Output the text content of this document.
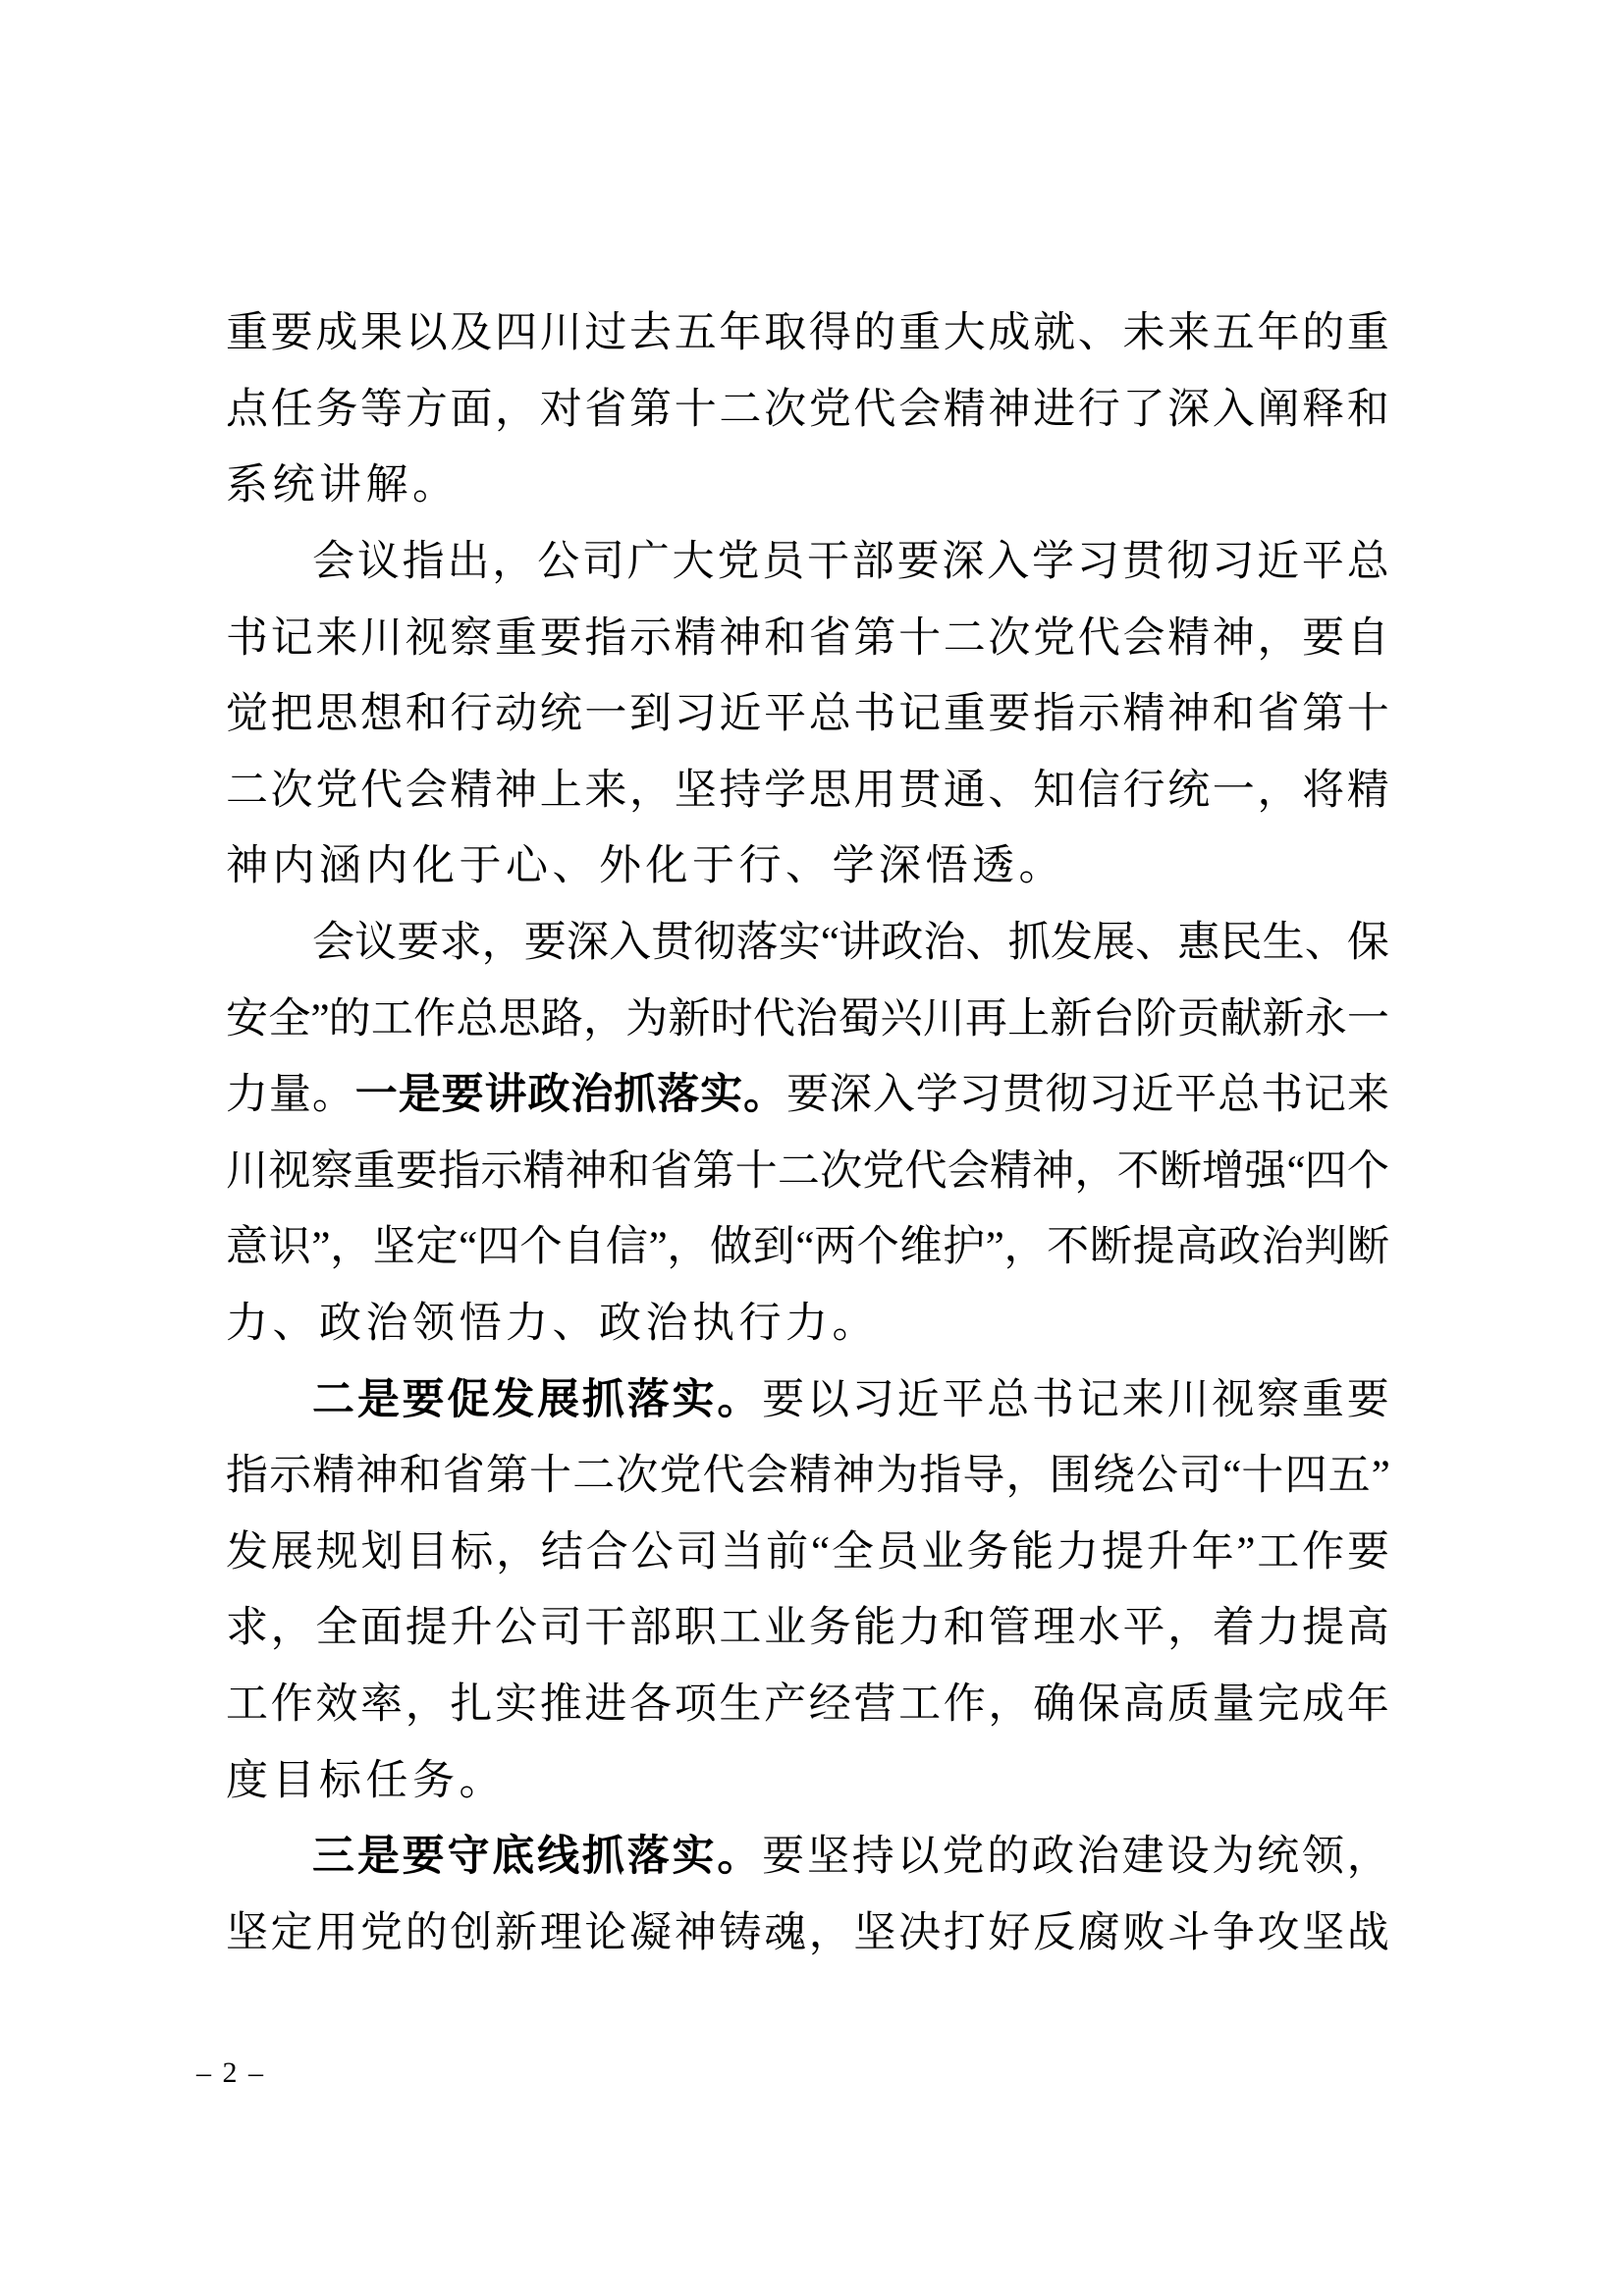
重 要 成 果 以 及 四 川 过 去 五 年 取 得 的 重 大 成 就 、 未 来 五 年 的 重
点 任 务 等 方 面 ， 对 省 第 十 二 次 党 代 会 精 神 进 行 了 深 入 阐 释 和
系统讲解。
会 议 指 出 ， 公 司 广 大 党 员 干 部 要 深 入 学 习 贯 彻 习 近 平 总
书 记 来 川 视 察 重 要 指 示 精 神 和 省 第 十 二 次 党 代 会 精 神 ， 要 自
觉 把 思 想 和 行 动 统 一 到 习 近 平 总 书 记 重 要 指 示 精 神 和 省 第 十
二 次 党 代 会 精 神 上 来 ， 坚 持 学 思 用 贯 通 、 知 信 行 统 一 ， 将 精
神内涵内化于心、外化于行、学深悟透。
会 议 要 求 ， 要 深 入 贯 彻 落 实 “ 讲 政 治 、 抓 发 展 、 惠 民 生 、 保
安 全 ” 的 工 作 总 思 路 ， 为 新 时 代 治 蜀 兴 川 再 上 新 台 阶 贡 献 新 永 一
力 量 。 一 是 要 讲 政 治 抓 落 实 。 要 深 入 学 习 贯 彻 习 近 平 总 书 记 来
川 视 察 重 要 指 示 精 神 和 省 第 十 二 次 党 代 会 精 神 ， 不 断 增 强 “ 四 个
意 识 ” ， 坚 定 “ 四 个 自 信 ” ， 做 到 “ 两 个 维 护 ” ， 不 断 提 高 政 治 判 断
力、政治领悟力、政治执行力。
二 是 要 促 发 展 抓 落 实 。 要 以 习 近 平 总 书 记 来 川 视 察 重 要
指 示 精 神 和 省 第 十 二 次 党 代 会 精 神 为 指 导 ， 围 绕 公 司 “ 十 四 五 ”
发 展 规 划 目 标 ， 结 合 公 司 当 前 “ 全 员 业 务 能 力 提 升 年 ” 工 作 要
求 ， 全 面 提 升 公 司 干 部 职 工 业 务 能 力 和 管 理 水 平 ， 着 力 提 高
工 作 效 率 ， 扎 实 推 进 各 项 生 产 经 营 工 作 ， 确 保 高 质 量 完 成 年
度目标任务。
三 是 要 守 底 线 抓 落 实 。 要 坚 持 以 党 的 政 治 建 设 为 统 领 ，
坚 定 用 党 的 创 新 理 论 凝 神 铸 魂 ， 坚 决 打 好 反 腐 败 斗 争 攻 坚 战
– 2 –
